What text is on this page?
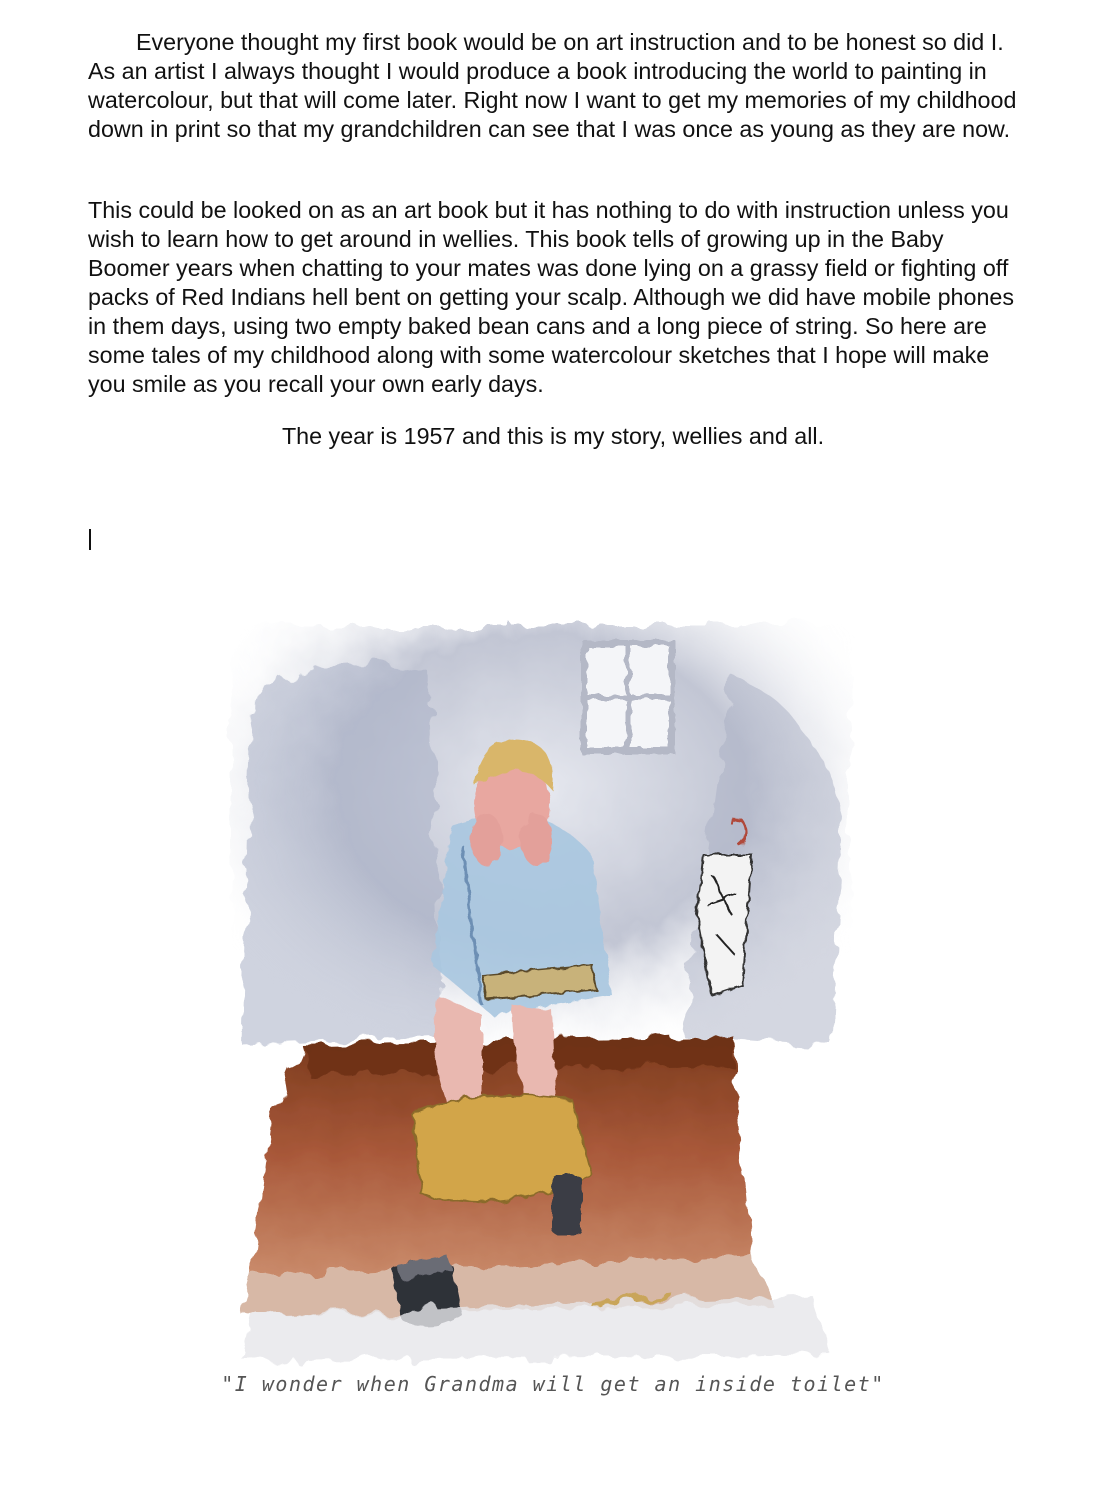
Everyone thought my first book would be on art instruction and to be honest so did I. As an artist I always thought I would produce a book introducing the world to painting in watercolour, but that will come later. Right now I want to get my memories of my childhood down in print so that my grandchildren can see that I was once as young as they are now.

This could be looked on as an art book but it has nothing to do with instruction unless you wish to learn how to get around in wellies. This book tells of growing up in the Baby Boomer years when chatting to your mates was done lying on a grassy field or fighting off packs of Red Indians hell bent on getting your scalp. Although we did have mobile phones in them days, using two empty baked bean cans and a long piece of string. So here are some tales of my childhood along with some watercolour sketches that I hope will make you smile as you recall your own early days.

The year is 1957 and this is my story, wellies and all.

"I wonder when Grandma will get an inside toilet"
